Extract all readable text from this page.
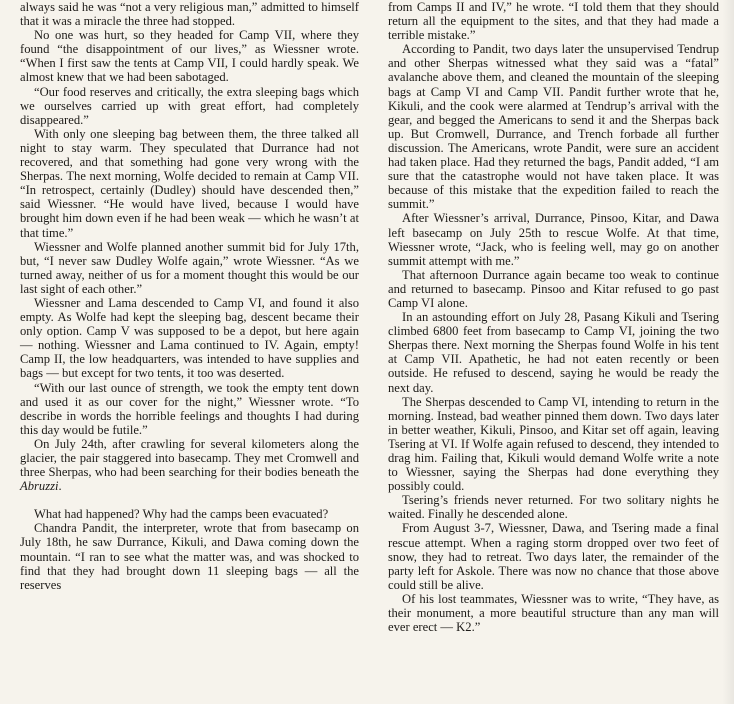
always said he was “not a very religious man,” admitted to himself that it was a miracle the three had stopped.

No one was hurt, so they headed for Camp VII, where they found “the disappointment of our lives,” as Wiessner wrote. “When I first saw the tents at Camp VII, I could hardly speak. We almost knew that we had been sabotaged.

“Our food reserves and critically, the extra sleeping bags which we ourselves carried up with great effort, had completely disappeared.”

With only one sleeping bag between them, the three talked all night to stay warm. They speculated that Durrance had not recovered, and that something had gone very wrong with the Sherpas. The next morning, Wolfe decided to remain at Camp VII. “In retrospect, certainly (Dudley) should have descended then,” said Wiessner. “He would have lived, because I would have brought him down even if he had been weak — which he wasn’t at that time.”

Wiessner and Wolfe planned another summit bid for July 17th, but, “I never saw Dudley Wolfe again,” wrote Wiessner. “As we turned away, neither of us for a moment thought this would be our last sight of each other.”

Wiessner and Lama descended to Camp VI, and found it also empty. As Wolfe had kept the sleeping bag, descent became their only option. Camp V was supposed to be a depot, but here again — nothing. Wiessner and Lama continued to IV. Again, empty! Camp II, the low headquarters, was intended to have supplies and bags — but except for two tents, it too was deserted.

“With our last ounce of strength, we took the empty tent down and used it as our cover for the night,” Wiessner wrote. “To describe in words the horrible feelings and thoughts I had during this day would be futile.”

On July 24th, after crawling for several kilometers along the glacier, the pair staggered into basecamp. They met Cromwell and three Sherpas, who had been searching for their bodies beneath the Abruzzi.

What had happened? Why had the camps been evacuated?

Chandra Pandit, the interpreter, wrote that from basecamp on July 18th, he saw Durrance, Kikuli, and Dawa coming down the mountain. “I ran to see what the matter was, and was shocked to find that they had brought down 11 sleeping bags — all the reserves

from Camps II and IV,” he wrote. “I told them that they should return all the equipment to the sites, and that they had made a terrible mistake.”

According to Pandit, two days later the unsupervised Tendrup and other Sherpas witnessed what they said was a “fatal” avalanche above them, and cleaned the mountain of the sleeping bags at Camp VI and Camp VII. Pandit further wrote that he, Kikuli, and the cook were alarmed at Tendrup’s arrival with the gear, and begged the Americans to send it and the Sherpas back up. But Cromwell, Durrance, and Trench forbade all further discussion. The Americans, wrote Pandit, were sure an accident had taken place. Had they returned the bags, Pandit added, “I am sure that the catastrophe would not have taken place. It was because of this mistake that the expedition failed to reach the summit.”

After Wiessner’s arrival, Durrance, Pinsoo, Kitar, and Dawa left basecamp on July 25th to rescue Wolfe. At that time, Wiessner wrote, “Jack, who is feeling well, may go on another summit attempt with me.”

That afternoon Durrance again became too weak to continue and returned to basecamp. Pinsoo and Kitar refused to go past Camp VI alone.

In an astounding effort on July 28, Pasang Kikuli and Tsering climbed 6800 feet from basecamp to Camp VI, joining the two Sherpas there. Next morning the Sherpas found Wolfe in his tent at Camp VII. Apathetic, he had not eaten recently or been outside. He refused to descend, saying he would be ready the next day.

The Sherpas descended to Camp VI, intending to return in the morning. Instead, bad weather pinned them down. Two days later in better weather, Kikuli, Pinsoo, and Kitar set off again, leaving Tsering at VI. If Wolfe again refused to descend, they intended to drag him. Failing that, Kikuli would demand Wolfe write a note to Wiessner, saying the Sherpas had done everything they possibly could.

Tsering’s friends never returned. For two solitary nights he waited. Finally he descended alone.

From August 3-7, Wiessner, Dawa, and Tsering made a final rescue attempt. When a raging storm dropped over two feet of snow, they had to retreat. Two days later, the remainder of the party left for Askole. There was now no chance that those above could still be alive.

Of his lost teammates, Wiessner was to write, “They have, as their monument, a more beautiful structure than any man will ever erect — K2.”
